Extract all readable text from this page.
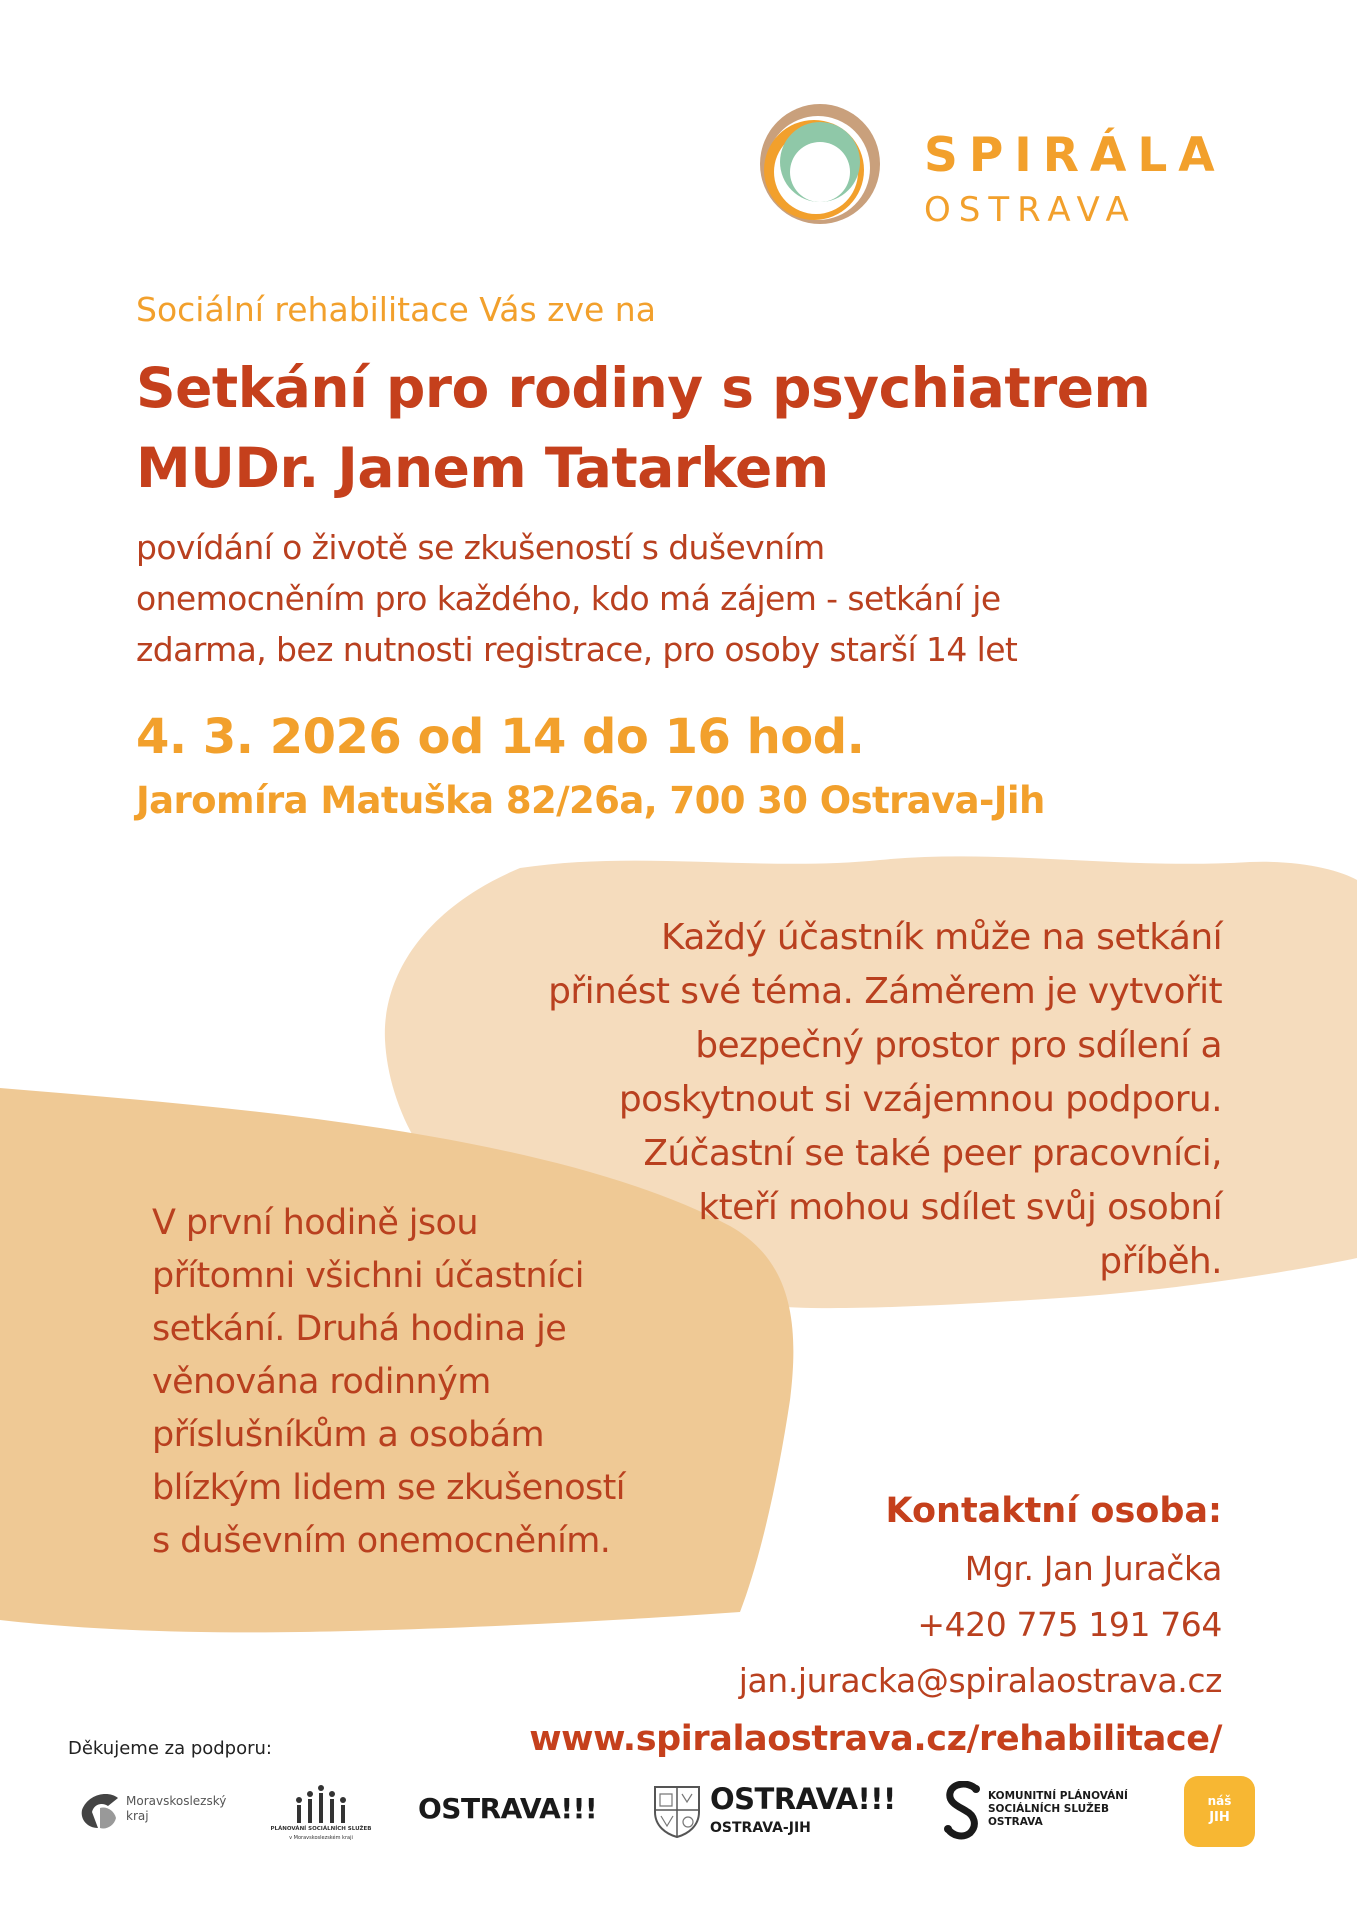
SPIRÁLA
OSTRAVA
Sociální rehabilitace Vás zve na
Setkání pro rodiny s psychiatrem
MUDr. Janem Tatarkem
povídání o životě se zkušeností s duševním
onemocněním pro každého, kdo má zájem - setkání je
zdarma, bez nutnosti registrace, pro osoby starší 14 let
4. 3. 2026 od 14 do 16 hod.
Jaromíra Matuška 82/26a, 700 30 Ostrava-Jih
Každý účastník může na setkání
přinést své téma. Záměrem je vytvořit
bezpečný prostor pro sdílení a
poskytnout si vzájemnou podporu.
Zúčastní se také peer pracovníci,
kteří mohou sdílet svůj osobní
příběh.
V první hodině jsou
přítomni všichni účastníci
setkání. Druhá hodina je
věnována rodinným
příslušníkům a osobám
blízkým lidem se zkušeností
s duševním onemocněním.
Kontaktní osoba:
Mgr. Jan Juračka
+420 775 191 764
jan.juracka@spiralaostrava.cz
www.spiralaostrava.cz/rehabilitace/
Děkujeme za podporu:
Moravskoslezský
kraj
PLÁNOVÁNÍ SOCIÁLNÍCH SLUŽEB
v Moravskoslezském kraji
OSTRAVA!!!	OSTRAVA!!!
OSTRAVA-JIH
KOMUNITNÍ PLÁNOVÁNÍ
SOCIÁLNÍCH SLUŽEB
OSTRAVA
náš
JIH
